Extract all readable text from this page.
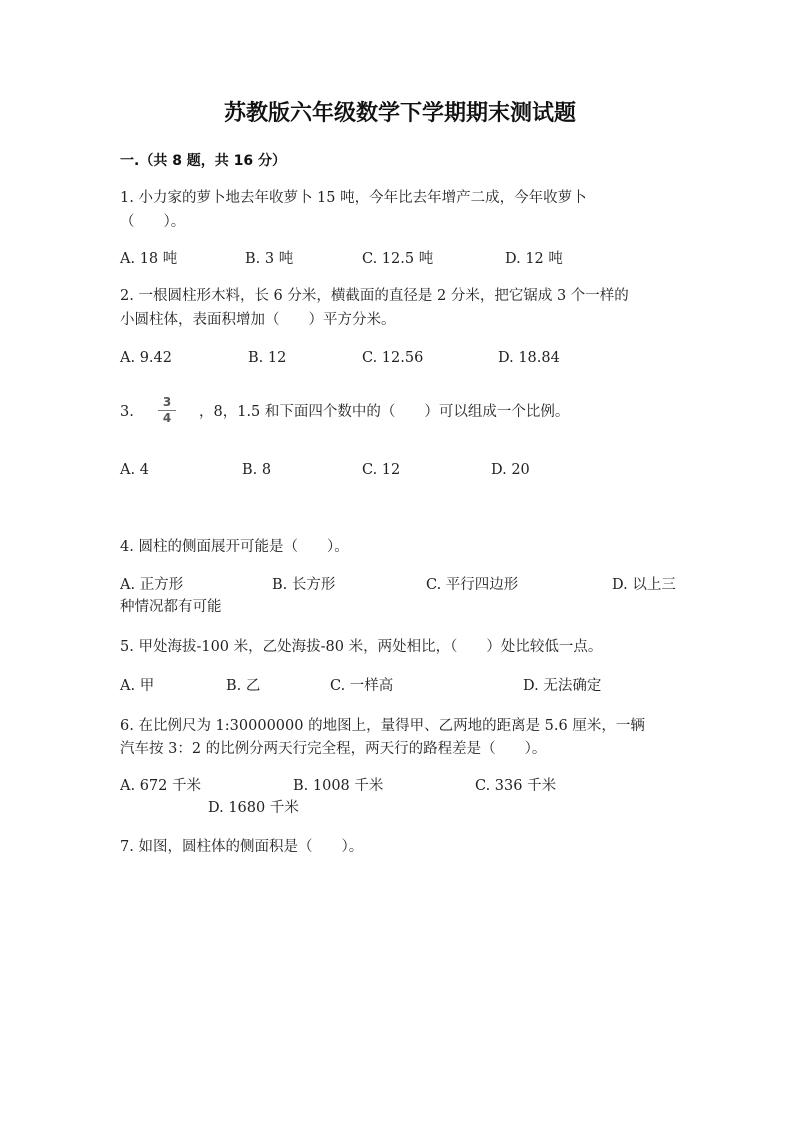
苏教版六年级数学下学期期末测试题
一.（共 8 题，共 16 分）
1. 小力家的萝卜地去年收萝卜 15 吨，今年比去年增产二成，今年收萝卜
（　　）。
A. 18 吨	B. 3 吨	C. 12.5 吨	D. 12 吨
2. 一根圆柱形木料，长 6 分米，横截面的直径是 2 分米，把它锯成 3 个一样的
小圆柱体，表面积增加（　　）平方分米。
A. 9.42	B. 12	C. 12.56	D. 18.84
3.
3
4	，8，1.5 和下面四个数中的（　　）可以组成一个比例。
A. 4	B. 8	C. 12	D. 20
4. 圆柱的侧面展开可能是（　　）。
A. 正方形	B. 长方形	C. 平行四边形	D. 以上三
种情况都有可能
5. 甲处海拔-100 米，乙处海拔-80 米，两处相比，（　　）处比较低一点。
A. 甲	B. 乙	C. 一样高	D. 无法确定
6. 在比例尺为 1:30000000 的地图上，量得甲、乙两地的距离是 5.6 厘米，一辆
汽车按 3：2 的比例分两天行完全程，两天行的路程差是（　　）。
A. 672 千米	B. 1008 千米	C. 336 千米
D. 1680 千米
7. 如图，圆柱体的侧面积是（　　）。
